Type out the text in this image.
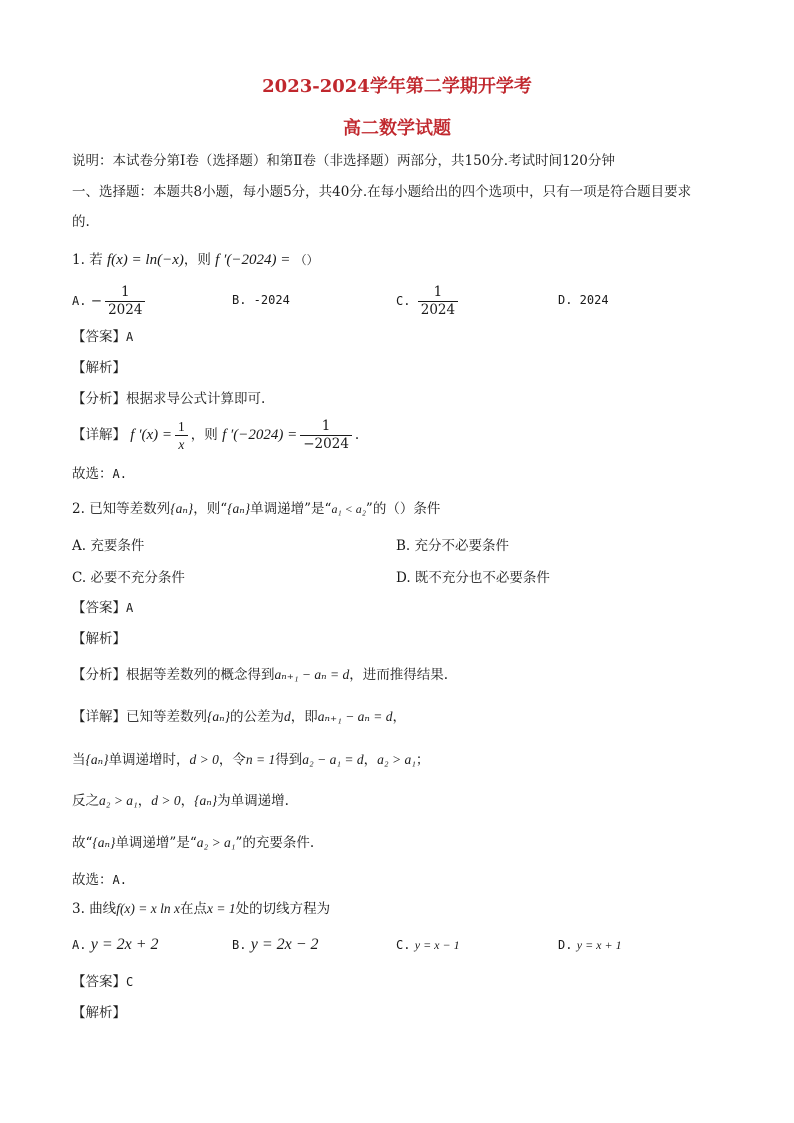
2023-2024学年第二学期开学考
高二数学试题
说明：本试卷分第Ⅰ卷（选择题）和第Ⅱ卷（非选择题）两部分，共150分.考试时间120分钟
一、选择题：本题共8小题，每小题5分，共40分.在每小题给出的四个选项中，只有一项是符合题目要求
的.
1. 若 f(x) = ln(−x)，则 f ′(−2024) = （）
A. − $\frac{1}{2024}$	B. -2024	C. $\frac{1}{2024}$	D. 2024
【答案】A
【解析】
【分析】根据求导公式计算即可.
【详解】 f $'(x) = \frac{1}{x}$ ，则 f $'(-2024) = \frac{1}{-2024}$ .
故选：A.
2. 已知等差数列{aₙ}，则“{aₙ}单调递增”是“a₁ < a₂”的（）条件
A. 充要条件	B. 充分不必要条件
C. 必要不充分条件	D. 既不充分也不必要条件
【答案】A
【解析】
【分析】根据等差数列的概念得到aₙ₊₁ − aₙ = d，进而推得结果.
【详解】已知等差数列{aₙ}的公差为d，即aₙ₊₁ − aₙ = d，
当{aₙ}单调递增时，d > 0，令n = 1得到a₂ − a₁ = d，a₂ > a₁；
反之a₂ > a₁，d > 0，{aₙ}为单调递增.
故“{aₙ}单调递增”是“a₂ > a₁”的充要条件.
故选：A.
3. 曲线f(x) = x ln x在点x = 1处的切线方程为
A. y = 2x + 2	B. y = 2x − 2	C. y = x − 1	D. y = x + 1
【答案】C
【解析】
